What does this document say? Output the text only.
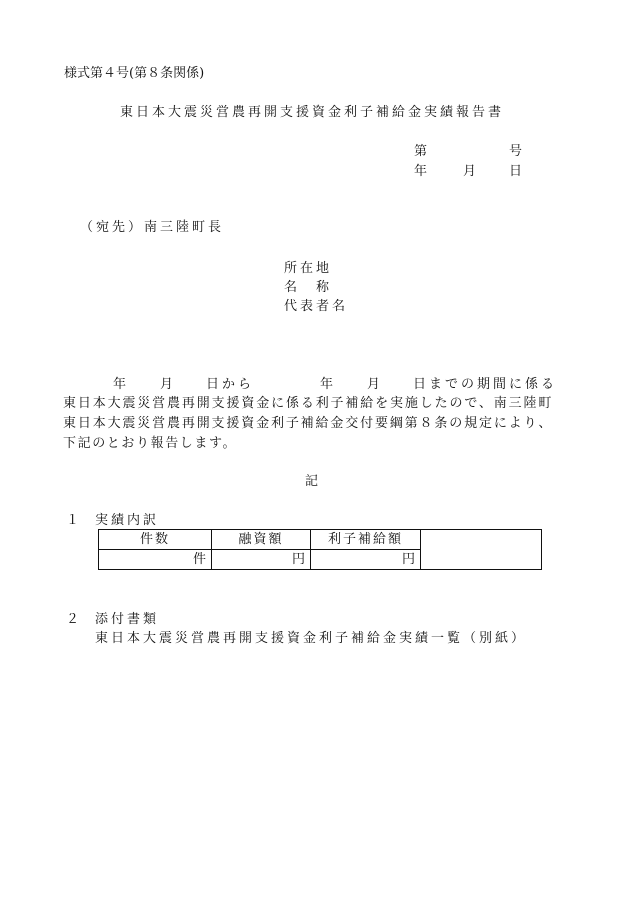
様式第４号(第８条関係)
東日本大震災営農再開支援資金利子補給金実績報告書
第	号
年	月	日
（宛先）南三陸町長
所在地
名　称
代表者名
年	月	日から	年	月	日までの期間に係る
東日本大震災営農再開支援資金に係る利子補給を実施したので、南三陸町東日本大震災営農再開支援資金利子補給金交付要綱第８条の規定により、下記のとおり報告します。
記
１ 実績内訳
件数	融資額	利子補給額	
件	円	円	
２ 添付書類
東日本大震災営農再開支援資金利子補給金実績一覧（別紙）
